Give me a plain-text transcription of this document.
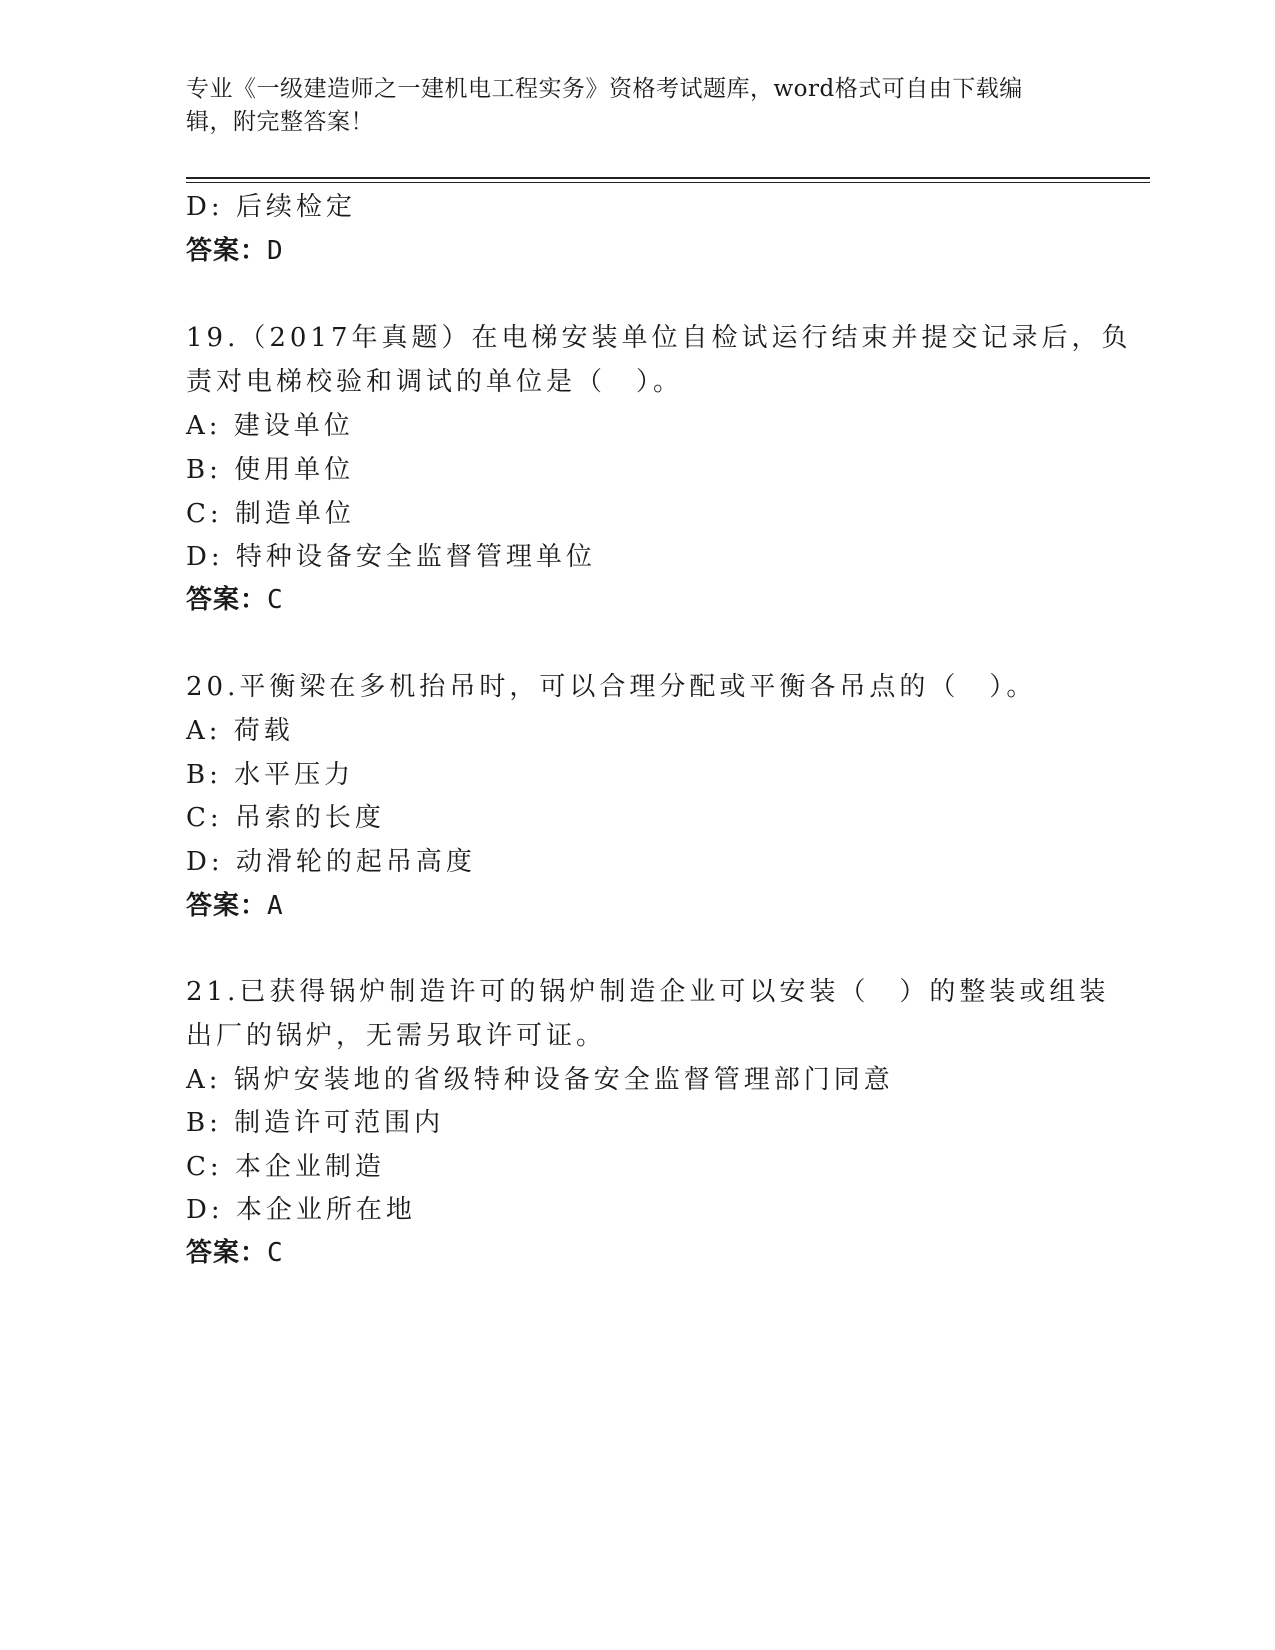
专业《一级建造师之一建机电工程实务》资格考试题库，word格式可自由下载编
辑，附完整答案！
D: 后续检定
答案：D
19.（2017年真题）在电梯安装单位自检试运行结束并提交记录后，负
责对电梯校验和调试的单位是（　）。
A: 建设单位
B: 使用单位
C: 制造单位
D: 特种设备安全监督管理单位
答案：C
20.平衡梁在多机抬吊时，可以合理分配或平衡各吊点的（　）。
A: 荷载
B: 水平压力
C: 吊索的长度
D: 动滑轮的起吊高度
答案：A
21.已获得锅炉制造许可的锅炉制造企业可以安装（　）的整装或组装
出厂的锅炉，无需另取许可证。
A: 锅炉安装地的省级特种设备安全监督管理部门同意
B: 制造许可范围内
C: 本企业制造
D: 本企业所在地
答案：C
